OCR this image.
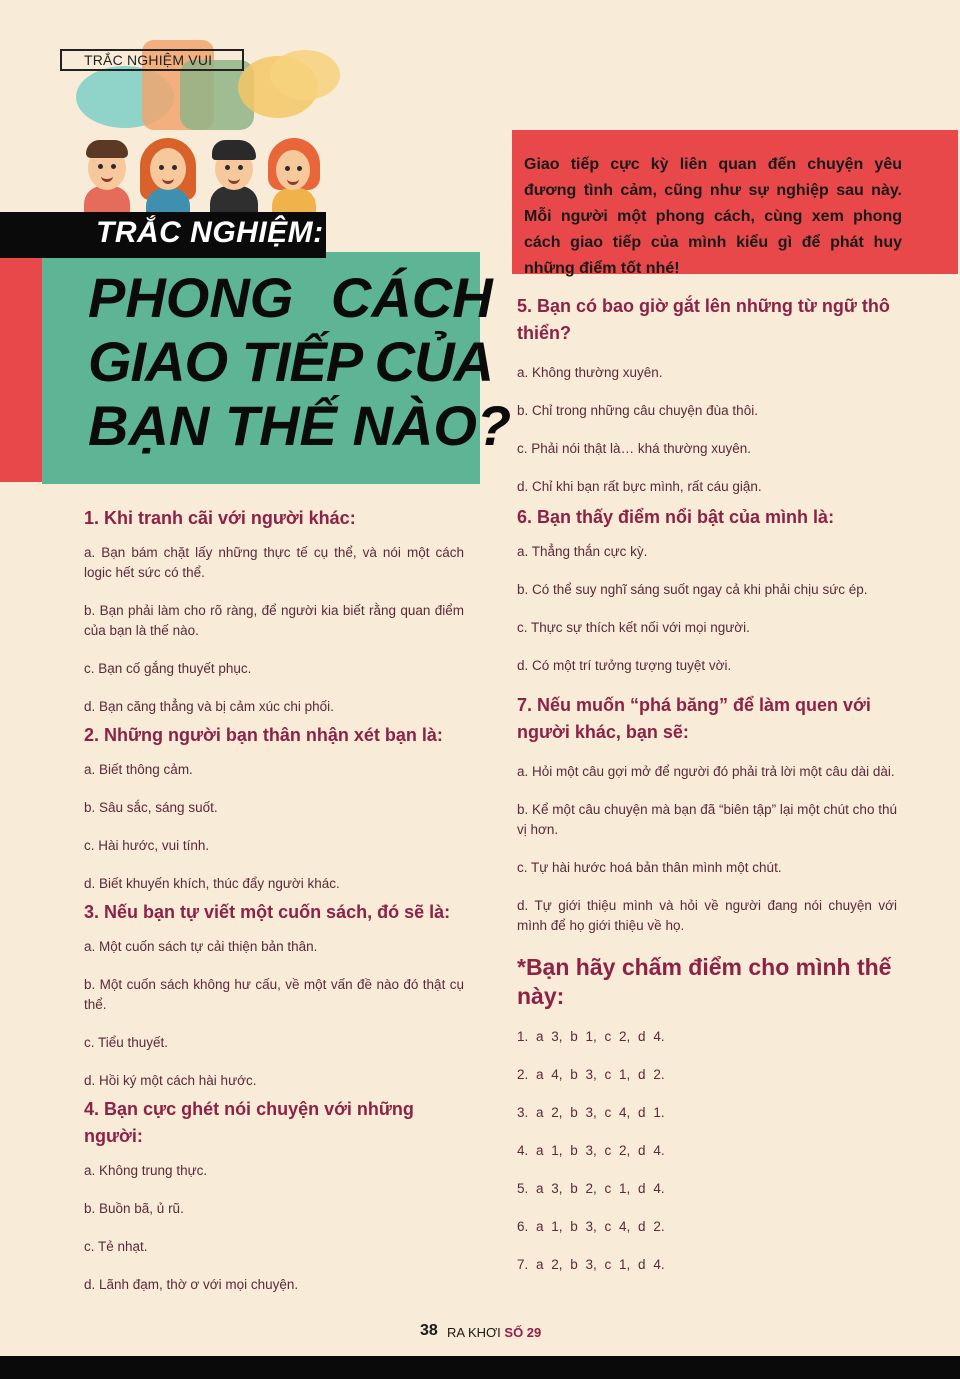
TRẮC NGHIỆM VUI
TRẮC NGHIỆM:
PHONG CÁCH
GIAO TIẾP CỦA
BẠN THẾ NÀO?

Giao tiếp cực kỳ liên quan đến chuyện yêu đương tình cảm, cũng như sự nghiệp sau này. Mỗi người một phong cách, cùng xem phong cách giao tiếp của mình kiểu gì để phát huy những điểm tốt nhé!

1. Khi tranh cãi với người khác:

a. Bạn bám chặt lấy những thực tế cụ thể, và nói một cách logic hết sức có thể.

b. Bạn phải làm cho rõ ràng, để người kia biết rằng quan điểm của bạn là thế nào.

c. Bạn cố gắng thuyết phục.

d. Bạn căng thẳng và bị cảm xúc chi phối.

2. Những người bạn thân nhận xét bạn là:

a. Biết thông cảm.

b. Sâu sắc, sáng suốt.

c. Hài hước, vui tính.

d. Biết khuyến khích, thúc đẩy người khác.

3. Nếu bạn tự viết một cuốn sách, đó sẽ là:

a. Một cuốn sách tự cải thiện bản thân.

b. Một cuốn sách không hư cấu, về một vấn đề nào đó thật cụ thể.

c. Tiểu thuyết.

d. Hồi ký một cách hài hước.

4. Bạn cực ghét nói chuyện với những người:

a. Không trung thực.

b. Buồn bã, ủ rũ.

c. Tẻ nhạt.

d. Lãnh đạm, thờ ơ với mọi chuyện.

5. Bạn có bao giờ gắt lên những từ ngữ thô thiển?

a. Không thường xuyên.

b. Chỉ trong những câu chuyện đùa thôi.

c. Phải nói thật là… khá thường xuyên.

d. Chỉ khi bạn rất bực mình, rất cáu giận.

6. Bạn thấy điểm nổi bật của mình là:

a. Thẳng thắn cực kỳ.

b. Có thể suy nghĩ sáng suốt ngay cả khi phải chịu sức ép.

c. Thực sự thích kết nối với mọi người.

d. Có một trí tưởng tượng tuyệt vời.

7. Nếu muốn “phá băng” để làm quen với người khác, bạn sẽ:

a. Hỏi một câu gợi mở để người đó phải trả lời một câu dài dài.

b. Kể một câu chuyện mà bạn đã “biên tập” lại một chút cho thú vị hơn.

c. Tự hài hước hoá bản thân mình một chút.

d. Tự giới thiệu mình và hỏi về người đang nói chuyện với mình để họ giới thiệu về họ.

*Bạn hãy chấm điểm cho mình thế này:

1. a 3, b 1, c 2, d 4.

2. a 4, b 3, c 1, d 2.

3. a 2, b 3, c 4, d 1.

4. a 1, b 3, c 2, d 4.

5. a 3, b 2, c 1, d 4.

6. a 1, b 3, c 4, d 2.

7. a 2, b 3, c 1, d 4.

38 RA KHƠI SỐ 29
